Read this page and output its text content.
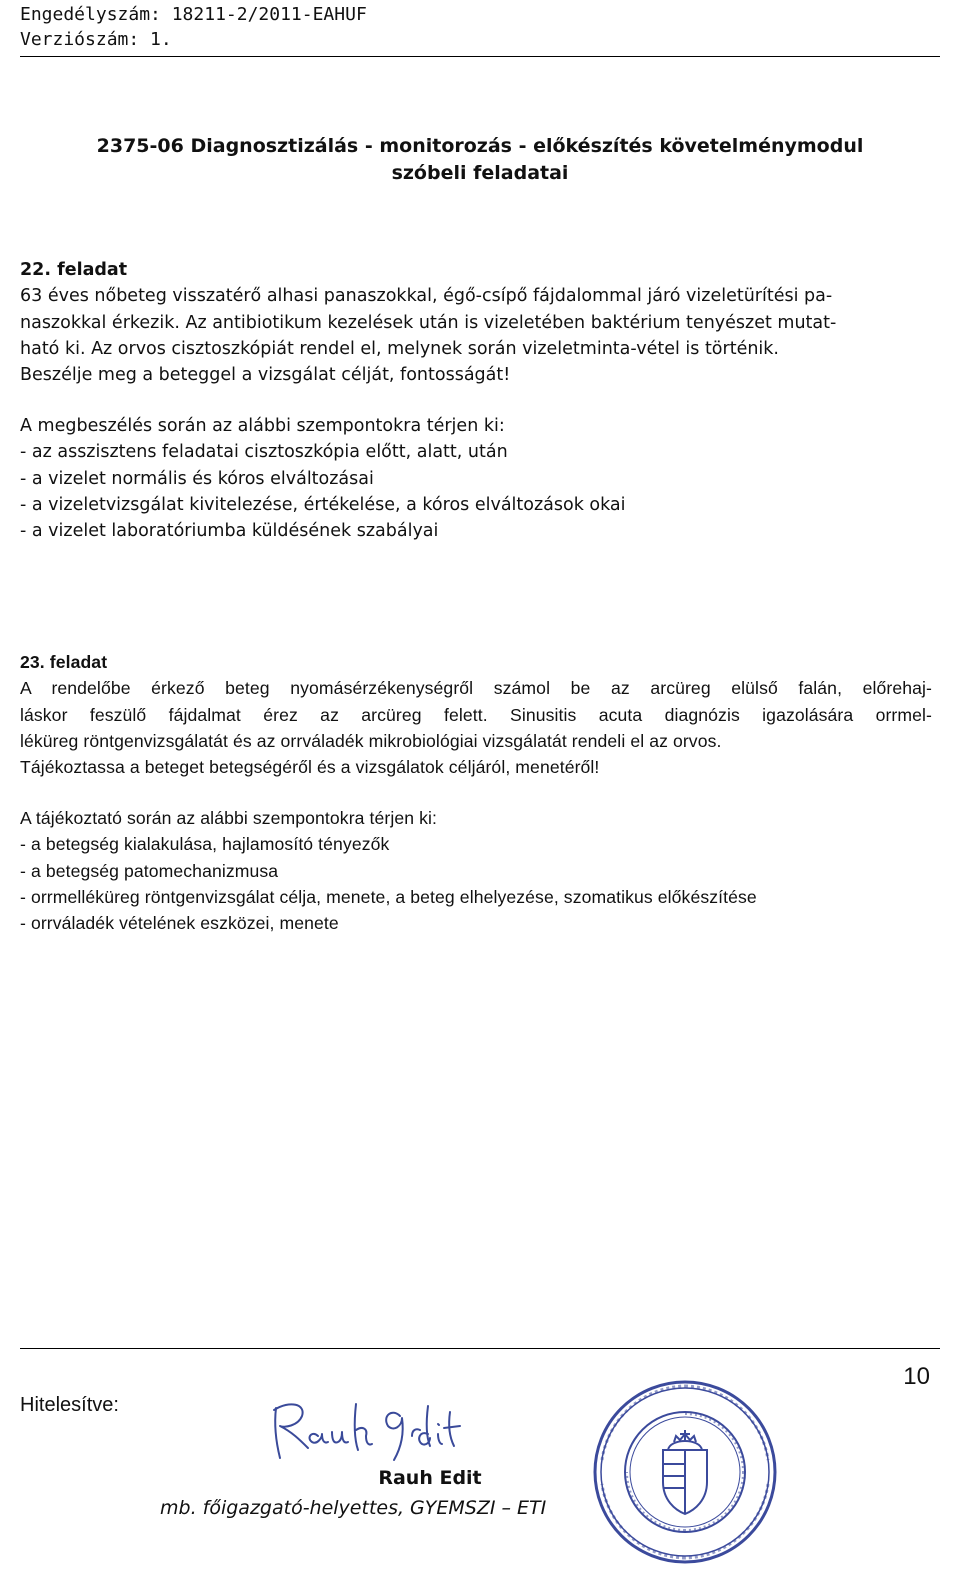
Engedélyszám: 18211-2/2011-EAHUF
Verziószám: 1.
2375-06 Diagnosztizálás - monitorozás - előkészítés követelménymodul
szóbeli feladatai
22. feladat
63 éves nőbeteg visszatérő alhasi panaszokkal, égő-csípő fájdalommal járó vizeletürítési pa-
naszokkal érkezik. Az antibiotikum kezelések után is vizeletében baktérium tenyészet mutat-
ható ki. Az orvos cisztoszkópiát rendel el, melynek során vizeletminta-vétel is történik.
Beszélje meg a beteggel a vizsgálat célját, fontosságát!
A megbeszélés során az alábbi szempontokra térjen ki:
- az asszisztens feladatai cisztoszkópia előtt, alatt, után
- a vizelet normális és kóros elváltozásai
- a vizeletvizsgálat kivitelezése, értékelése, a kóros elváltozások okai
- a vizelet laboratóriumba küldésének szabályai
23. feladat
A rendelőbe érkező beteg nyomásérzékenységről számol be az arcüreg elülső falán, előrehaj-
láskor feszülő fájdalmat érez az arcüreg felett. Sinusitis acuta diagnózis igazolására orrmel-
léküreg röntgenvizsgálatát és az orrváladék mikrobiológiai vizsgálatát rendeli el az orvos.
Tájékoztassa a beteget betegségéről és a vizsgálatok céljáról, menetéről!
A tájékoztató során az alábbi szempontokra térjen ki:
- a betegség kialakulása, hajlamosító tényezők
- a betegség patomechanizmusa
- orrmelléküreg röntgenvizsgálat célja, menete, a beteg elhelyezése, szomatikus előkészítése
- orrváladék vételének eszközei, menete
10
Hitelesítve:
Rauh Edit
mb. főigazgató-helyettes, GYEMSZI – ETI
